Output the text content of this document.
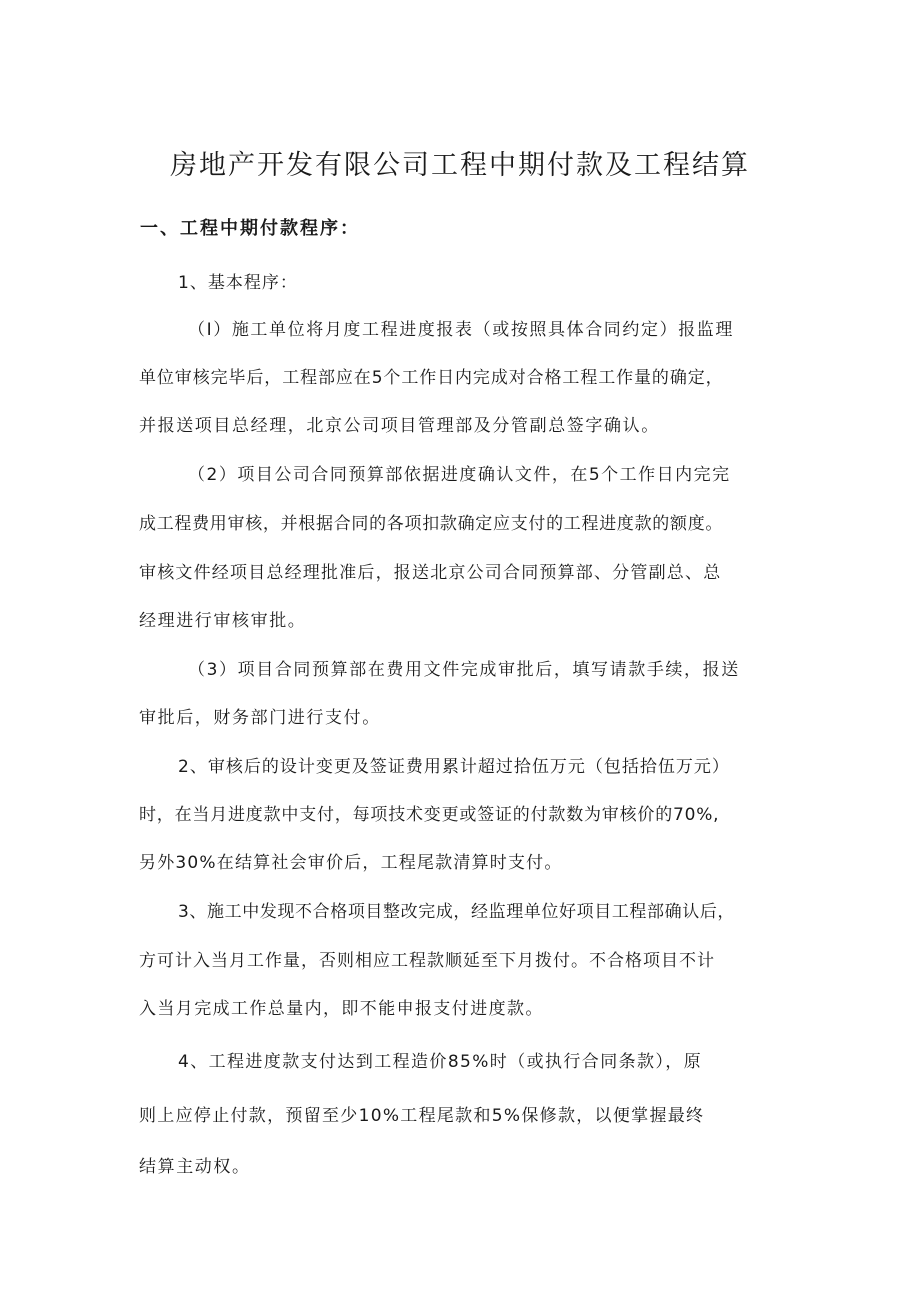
房地产开发有限公司工程中期付款及工程结算
一、工程中期付款程序：
1、基本程序：
（I）施工单位将月度工程进度报表（或按照具体合同约定）报监理
单位审核完毕后，工程部应在5个工作日内完成对合格工程工作量的确定，
并报送项目总经理，北京公司项目管理部及分管副总签字确认。
（2）项目公司合同预算部依据进度确认文件，在5个工作日内完完
成工程费用审核，并根据合同的各项扣款确定应支付的工程进度款的额度。
审核文件经项目总经理批准后，报送北京公司合同预算部、分管副总、总
经理进行审核审批。
（3）项目合同预算部在费用文件完成审批后，填写请款手续，报送
审批后，财务部门进行支付。
2、审核后的设计变更及签证费用累计超过拾伍万元（包括拾伍万元）
时，在当月进度款中支付，每项技术变更或签证的付款数为审核价的70%,
另外30%在结算社会审价后，工程尾款清算时支付。
3、施工中发现不合格项目整改完成，经监理单位好项目工程部确认后，
方可计入当月工作量，否则相应工程款顺延至下月拨付。不合格项目不计
入当月完成工作总量内，即不能申报支付进度款。
4、工程进度款支付达到工程造价85%时（或执行合同条款），原
则上应停止付款，预留至少10%工程尾款和5%保修款，以便掌握最终
结算主动权。
